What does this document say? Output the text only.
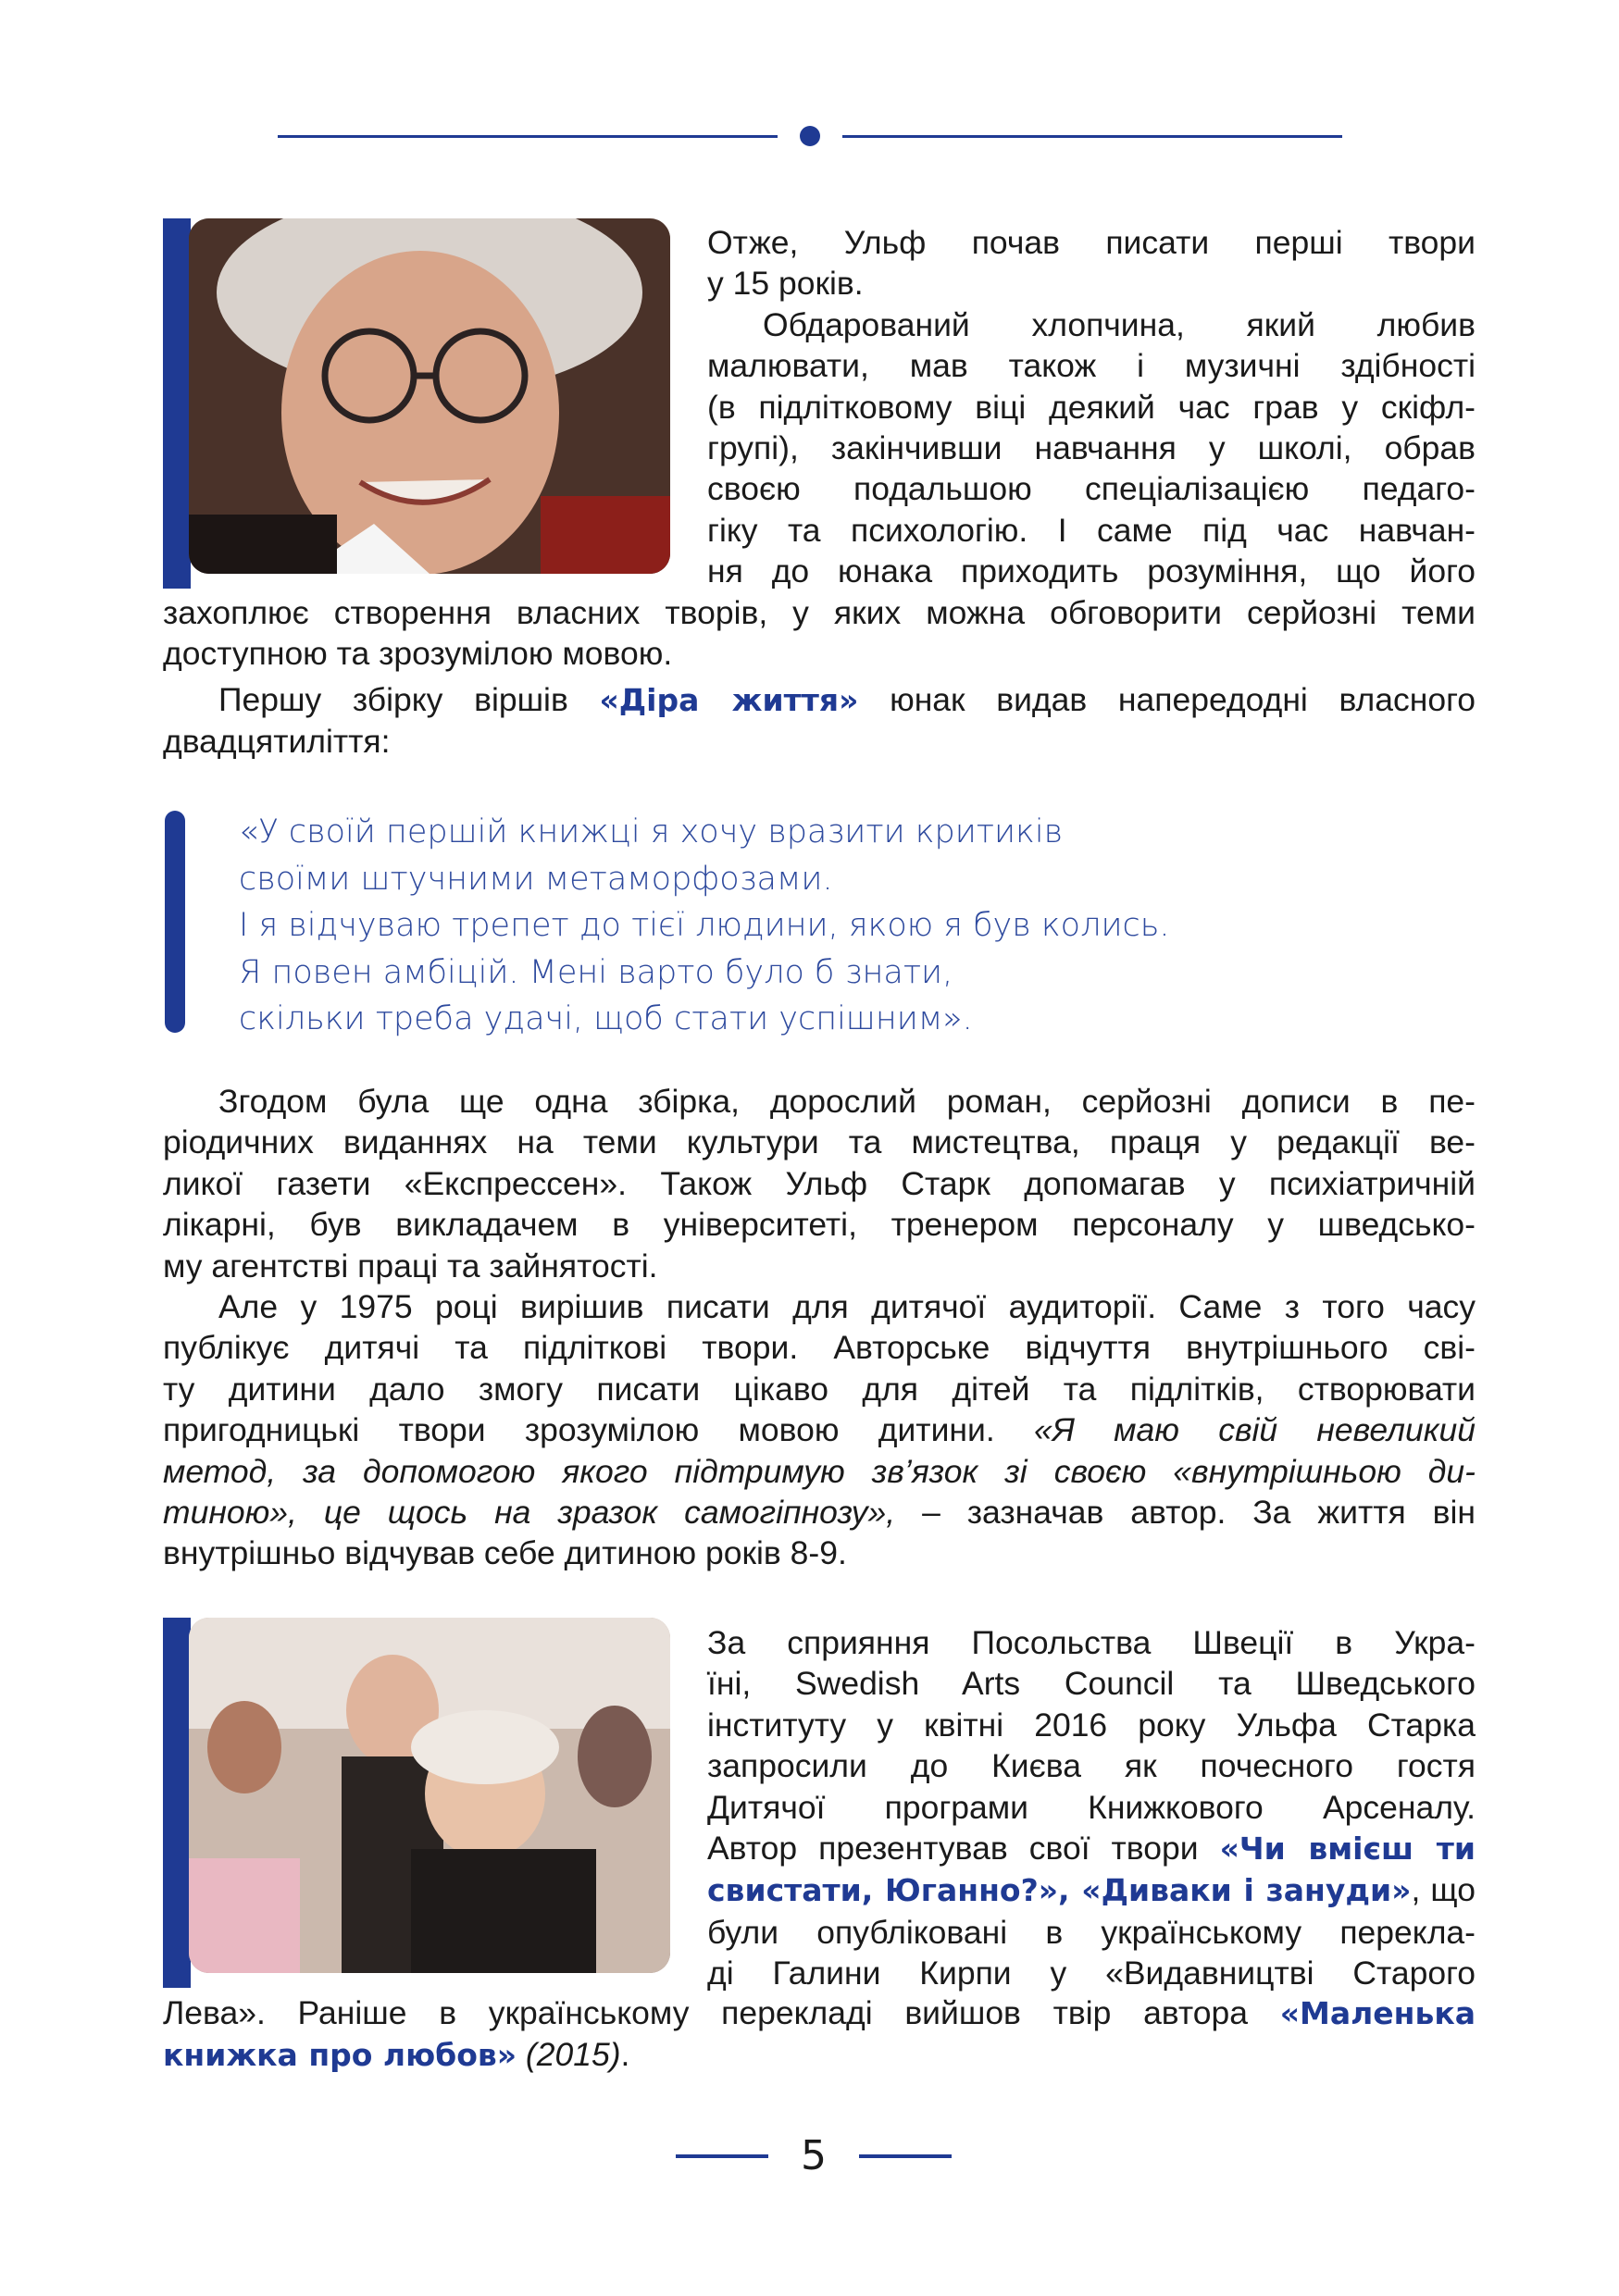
Отже, Ульф почав писати перші твори
у 15 років.
Обдарований хлопчина, який любив
малювати, мав також і музичні здібності
(в підлітковому віці деякий час грав у скіфл-
групі), закінчивши навчання у школі, обрав
своєю подальшою спеціалізацією педаго-
гіку та психологію. І саме під час навчан-
ня до юнака приходить розуміння, що його
захоплює створення власних творів, у яких можна обговорити серйозні теми
доступною та зрозумілою мовою.
Першу збірку віршів «Діра життя» юнак видав напередодні власного
двадцятиліття:
«У своїй першій книжці я хочу вразити критиків
своїми штучними метаморфозами.
І я відчуваю трепет до тієї людини, якою я був колись.
Я повен амбіцій. Мені варто було б знати,
скільки треба удачі, щоб стати успішним».
Згодом була ще одна збірка, дорослий роман, серйозні дописи в пе-
ріодичних виданнях на теми культури та мистецтва, праця у редакції ве-
ликої газети «Експрессен». Також Ульф Старк допомагав у психіатричній
лікарні, був викладачем в університеті, тренером персоналу у шведсько-
му агентстві праці та зайнятості.
Але у 1975 році вирішив писати для дитячої аудиторії. Саме з того часу
публікує дитячі та підліткові твори. Авторське відчуття внутрішнього сві-
ту дитини дало змогу писати цікаво для дітей та підлітків, створювати
пригодницькі твори зрозумілою мовою дитини. «Я маю свій невеликий
метод, за допомогою якого підтримую зв’язок зі своєю «внутрішньою ди-
тиною», це щось на зразок самогіпнозу», – зазначав автор. За життя він
внутрішньо відчував себе дитиною років 8-9.
За сприяння Посольства Швеції в Укра-
їні, Swedish Arts Council та Шведського
інституту у квітні 2016 року Ульфа Старка
запросили до Києва як почесного гостя
Дитячої програми Книжкового Арсеналу.
Автор презентував свої твори «Чи вмієш ти
свистати, Юганно?», «Диваки і зануди», що
були опубліковані в українському перекла-
ді Галини Кирпи у «Видавництві Старого
Лева». Раніше в українському перекладі вийшов твір автора «Маленька
книжка про любов» (2015).
5
